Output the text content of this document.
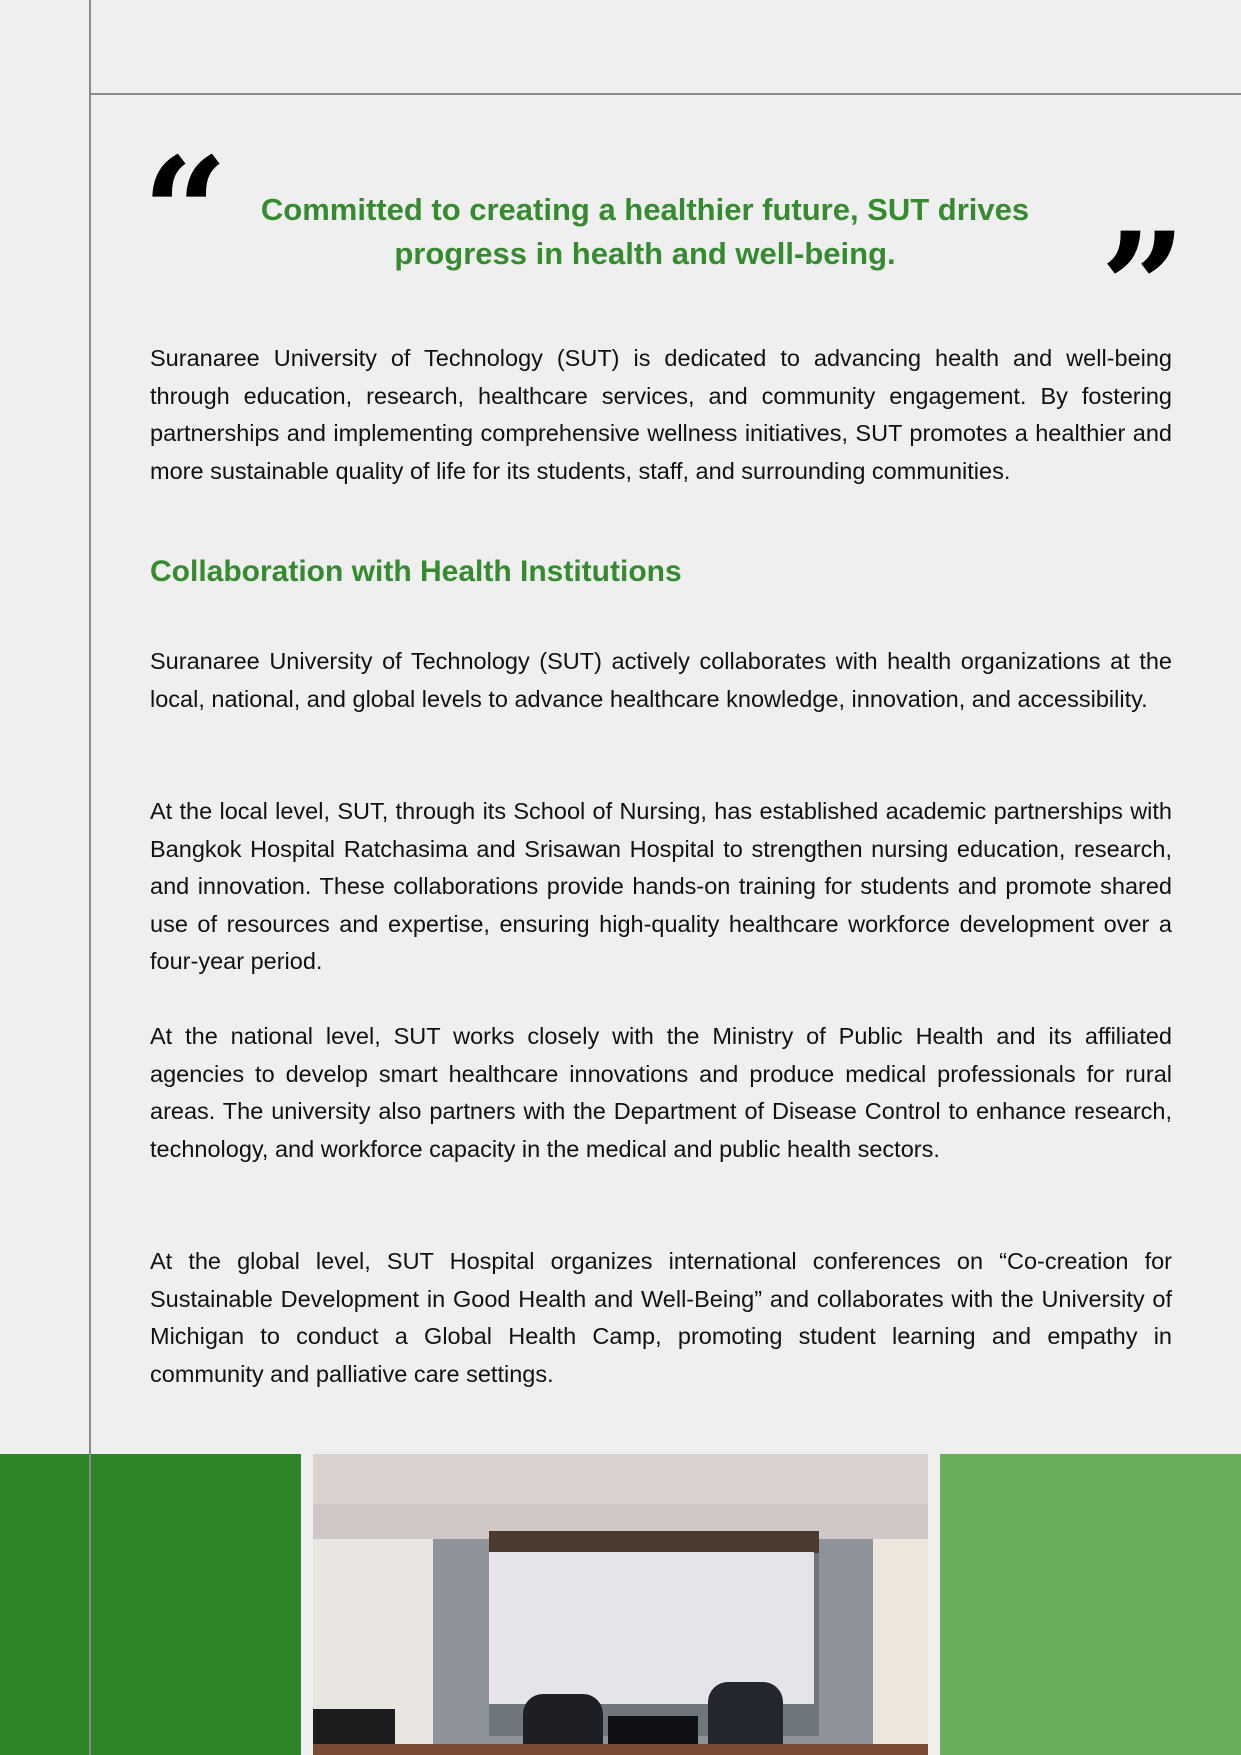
“	Committed to creating a healthier future, SUT drives progress in health and well-being.	”

Suranaree University of Technology (SUT) is dedicated to advancing health and well-being through education, research, healthcare services, and community engagement. By fostering partnerships and implementing comprehensive wellness initiatives, SUT promotes a healthier and more sustainable quality of life for its students, staff, and surrounding communities.

Collaboration with Health Institutions

Suranaree University of Technology (SUT) actively collaborates with health organizations at the local, national, and global levels to advance healthcare knowledge, innovation, and accessibility.

At the local level, SUT, through its School of Nursing, has established academic partnerships with Bangkok Hospital Ratchasima and Srisawan Hospital to strengthen nursing education, research, and innovation. These collaborations provide hands-on training for students and promote shared use of resources and expertise, ensuring high-quality healthcare workforce development over a four-year period.

At the national level, SUT works closely with the Ministry of Public Health and its affiliated agencies to develop smart healthcare innovations and produce medical professionals for rural areas. The university also partners with the Department of Disease Control to enhance research, technology, and workforce capacity in the medical and public health sectors.

At the global level, SUT Hospital organizes international conferences on “Co-creation for Sustainable Development in Good Health and Well-Being” and collaborates with the University of Michigan to conduct a Global Health Camp, promoting student learning and empathy in community and palliative care settings.
